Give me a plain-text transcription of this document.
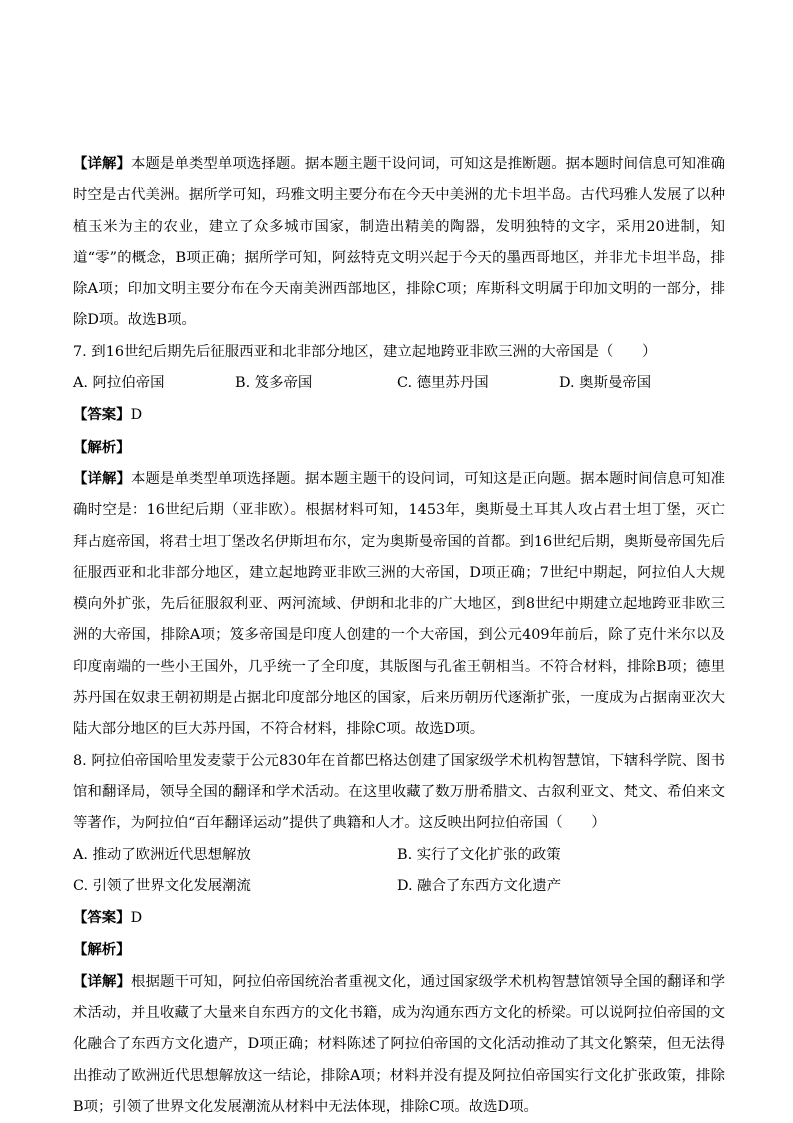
【详解】本题是单类型单项选择题。据本题主题干设问词，可知这是推断题。据本题时间信息可知准确时空是古代美洲。据所学可知，玛雅文明主要分布在今天中美洲的尤卡坦半岛。古代玛雅人发展了以种植玉米为主的农业，建立了众多城市国家，制造出精美的陶器，发明独特的文字，采用20进制，知道“零”的概念，B项正确；据所学可知，阿兹特克文明兴起于今天的墨西哥地区，并非尤卡坦半岛，排除A项；印加文明主要分布在今天南美洲西部地区，排除C项；库斯科文明属于印加文明的一部分，排除D项。故选B项。

7. 到16世纪后期先后征服西亚和北非部分地区，建立起地跨亚非欧三洲的大帝国是（　　）

A. 阿拉伯帝国	B. 笈多帝国	C. 德里苏丹国	D. 奥斯曼帝国

【答案】D

【解析】

【详解】本题是单类型单项选择题。据本题主题干的设问词，可知这是正向题。据本题时间信息可知准确时空是：16世纪后期（亚非欧）。根据材料可知，1453年，奥斯曼土耳其人攻占君士坦丁堡，灭亡拜占庭帝国，将君士坦丁堡改名伊斯坦布尔，定为奥斯曼帝国的首都。到16世纪后期，奥斯曼帝国先后征服西亚和北非部分地区，建立起地跨亚非欧三洲的大帝国，D项正确；7世纪中期起，阿拉伯人大规模向外扩张，先后征服叙利亚、两河流域、伊朗和北非的广大地区，到8世纪中期建立起地跨亚非欧三洲的大帝国，排除A项；笈多帝国是印度人创建的一个大帝国，到公元409年前后，除了克什米尔以及印度南端的一些小王国外，几乎统一了全印度，其版图与孔雀王朝相当。不符合材料，排除B项；德里苏丹国在奴隶王朝初期是占据北印度部分地区的国家，后来历朝历代逐渐扩张，一度成为占据南亚次大陆大部分地区的巨大苏丹国，不符合材料，排除C项。故选D项。

8. 阿拉伯帝国哈里发麦蒙于公元830年在首都巴格达创建了国家级学术机构智慧馆，下辖科学院、图书馆和翻译局，领导全国的翻译和学术活动。在这里收藏了数万册希腊文、古叙利亚文、梵文、希伯来文等著作，为阿拉伯“百年翻译运动”提供了典籍和人才。这反映出阿拉伯帝国（　　）

A. 推动了欧洲近代思想解放	B. 实行了文化扩张的政策
C. 引领了世界文化发展潮流	D. 融合了东西方文化遗产

【答案】D

【解析】

【详解】根据题干可知，阿拉伯帝国统治者重视文化，通过国家级学术机构智慧馆领导全国的翻译和学术活动，并且收藏了大量来自东西方的文化书籍，成为沟通东西方文化的桥梁。可以说阿拉伯帝国的文化融合了东西方文化遗产，D项正确；材料陈述了阿拉伯帝国的文化活动推动了其文化繁荣，但无法得出推动了欧洲近代思想解放这一结论，排除A项；材料并没有提及阿拉伯帝国实行文化扩张政策，排除B项；引领了世界文化发展潮流从材料中无法体现，排除C项。故选D项。
